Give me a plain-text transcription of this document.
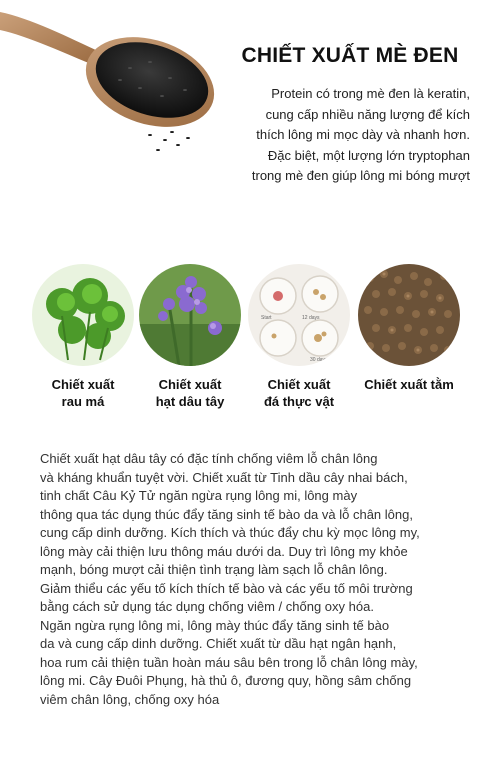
CHIẾT XUẤT MÈ ĐEN
Protein có trong mè đen là keratin,
cung cấp nhiều năng lượng để kích
thích lông mi mọc dày và nhanh hơn.
Đặc biệt, một lượng lớn tryptophan
trong mè đen giúp lông mi bóng mượt
Chiết xuất
rau má
Chiết xuất
hạt dâu tây
Start	12 days
30 days
Chiết xuất
đá thực vật
Chiết xuất tằm
Chiết xuất hạt dâu tây có đặc tính chống viêm lỗ chân lông
và kháng khuẩn tuyệt vời. Chiết xuất từ Tinh dầu cây nhai bách,
tinh chất Câu Kỷ Tử ngăn ngừa rụng lông mi, lông mày
thông qua tác dụng thúc đẩy tăng sinh tế bào da và lỗ chân lông,
cung cấp dinh dưỡng. Kích thích và thúc đẩy chu kỳ mọc lông my,
lông mày cải thiện lưu thông máu dưới da. Duy trì lông my khỏe
mạnh, bóng mượt cải thiện tình trạng làm sạch lỗ chân lông.
Giảm thiểu các yếu tố kích thích tế bào và các yếu tố môi trường
bằng cách sử dụng tác dụng chống viêm / chống oxy hóa.
Ngăn ngừa rụng lông mi, lông mày thúc đẩy tăng sinh tế bào
da và cung cấp dinh dưỡng. Chiết xuất từ dầu hạt ngân hạnh,
hoa rum cải thiện tuần hoàn máu sâu bên trong lỗ chân lông mày,
lông mi. Cây Đuôi Phụng, hà thủ ô, đương quy, hồng sâm chống
viêm chân lông, chống oxy hóa
